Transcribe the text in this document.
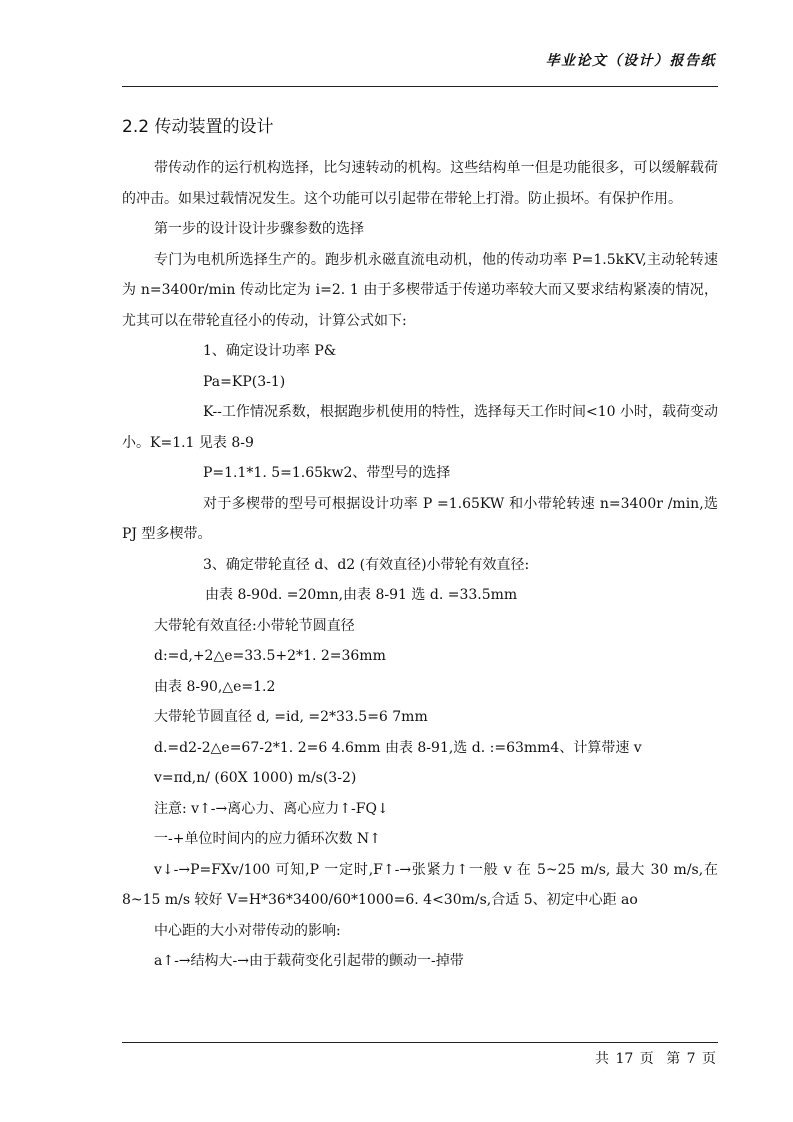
毕业论文（设计）报告纸
2.2 传动装置的设计

带传动作的运行机构选择，比匀速转动的机构。这些结构单一但是功能很多，可以缓解载荷的冲击。如果过载情况发生。这个功能可以引起带在带轮上打滑。防止损坏。有保护作用。

第一步的设计设计步骤参数的选择

专门为电机所选择生产的。跑步机永磁直流电动机，他的传动功率 P=1.5kKV,主动轮转速为 n=3400r/min 传动比定为 i=2. 1 由于多楔带适于传递功率较大而又要求结构紧凑的情况，尤其可以在带轮直径小的传动，计算公式如下:

1、确定设计功率 P&

Pa=KP(3-1)

K--工作情况系数，根据跑步机使用的特性，选择每天工作时间<10 小时，载荷变动小。K=1.1 见表 8-9

P=1.1*1. 5=1.65kw2、带型号的选择

对于多楔带的型号可根据设计功率 P =1.65KW 和小带轮转速 n=3400r /min,选 PJ 型多楔带。

3、确定带轮直径 d、d2 (有效直径)小带轮有效直径:

由表 8-90d. =20mn,由表 8-91 选 d. =33.5mm

大带轮有效直径:小带轮节圆直径

d:=d,+2△e=33.5+2*1. 2=36mm

由表 8-90,△e=1.2

大带轮节圆直径 d, =id, =2*33.5=6 7mm

d.=d2-2△e=67-2*1. 2=6 4.6mm 由表 8-91,选 d. :=63mm4、计算带速 v

v=πd,n/ (60X 1000) m/s(3-2)

注意: v↑-→离心力、离心应力↑-FQ↓

一-+单位时间内的应力循环次数 N↑

v↓-→P=FXv/100 可知,P 一定时,F↑-→张紧力↑一般 v 在 5~25 m/s, 最大 30 m/s,在 8~15 m/s 较好 V=H*36*3400/60*1000=6. 4<30m/s,合适 5、初定中心距 ao

中心距的大小对带传动的影响:

a↑-→结构大-→由于载荷变化引起带的颤动一-掉带

共 17 页 第 7 页
